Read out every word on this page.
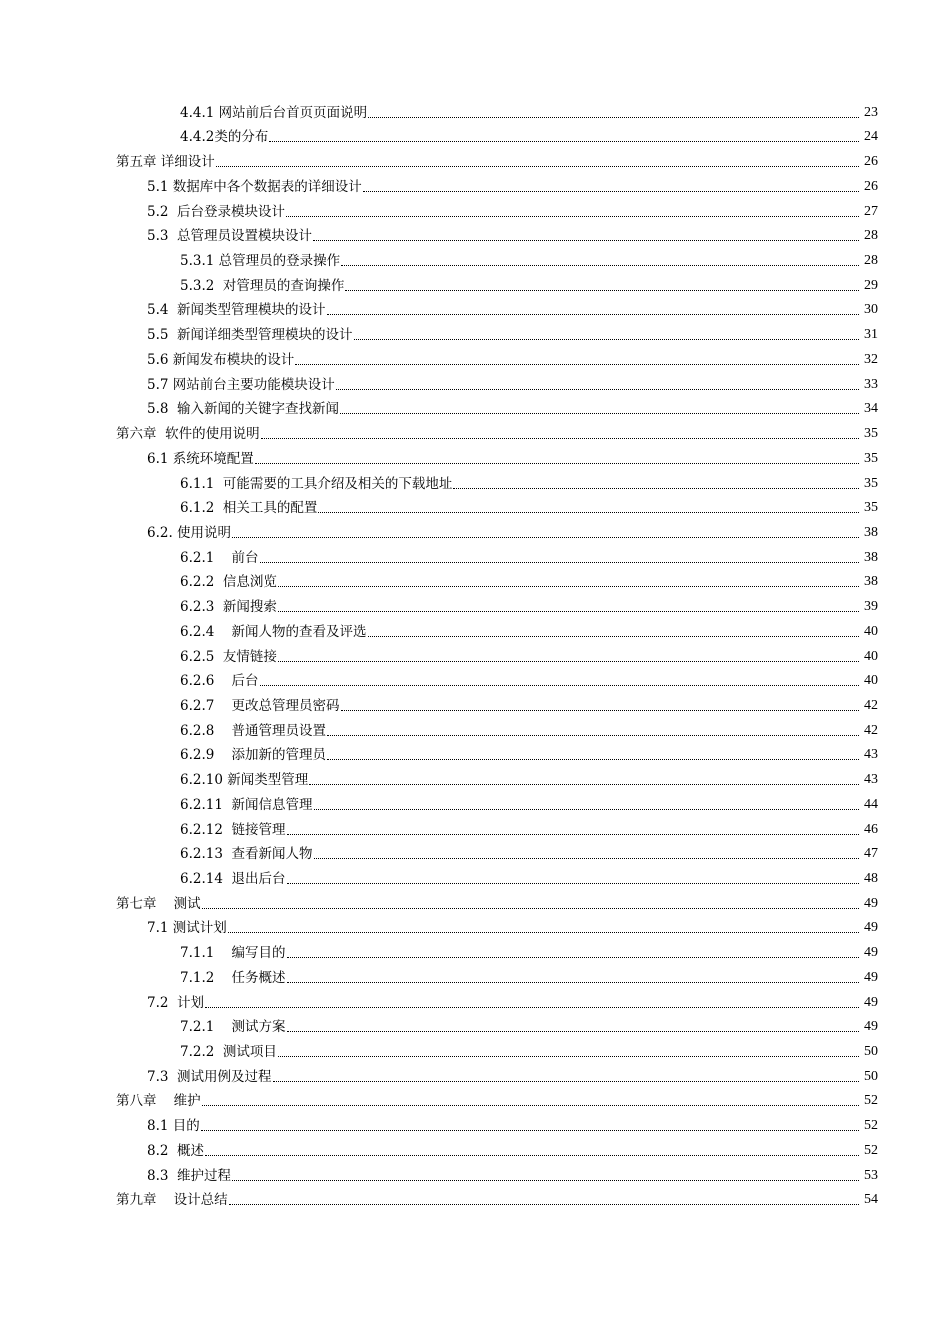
4.4.1 网站前后台首页页面说明	23
4.4.2类的分布	24
第五章 详细设计	26
5.1 数据库中各个数据表的详细设计	26
5.2  后台登录模块设计	27
5.3  总管理员设置模块设计	28
5.3.1 总管理员的登录操作	28
5.3.2  对管理员的查询操作	29
5.4  新闻类型管理模块的设计	30
5.5  新闻详细类型管理模块的设计	31
5.6 新闻发布模块的设计	32
5.7 网站前台主要功能模块设计	33
5.8  输入新闻的关键字查找新闻	34
第六章  软件的使用说明	35
6.1 系统环境配置	35
6.1.1  可能需要的工具介绍及相关的下载地址	35
6.1.2  相关工具的配置	35
6.2. 使用说明	38
6.2.1    前台	38
6.2.2  信息浏览	38
6.2.3  新闻搜索	39
6.2.4    新闻人物的查看及评选	40
6.2.5  友情链接	40
6.2.6    后台	40
6.2.7    更改总管理员密码	42
6.2.8    普通管理员设置	42
6.2.9    添加新的管理员	43
6.2.10 新闻类型管理	43
6.2.11  新闻信息管理	44
6.2.12  链接管理	46
6.2.13  查看新闻人物	47
6.2.14  退出后台	48
第七章    测试	49
7.1 测试计划	49
7.1.1    编写目的	49
7.1.2    任务概述	49
7.2  计划	49
7.2.1    测试方案	49
7.2.2  测试项目	50
7.3  测试用例及过程	50
第八章    维护	52
8.1 目的	52
8.2  概述	52
8.3  维护过程	53
第九章    设计总结	54
